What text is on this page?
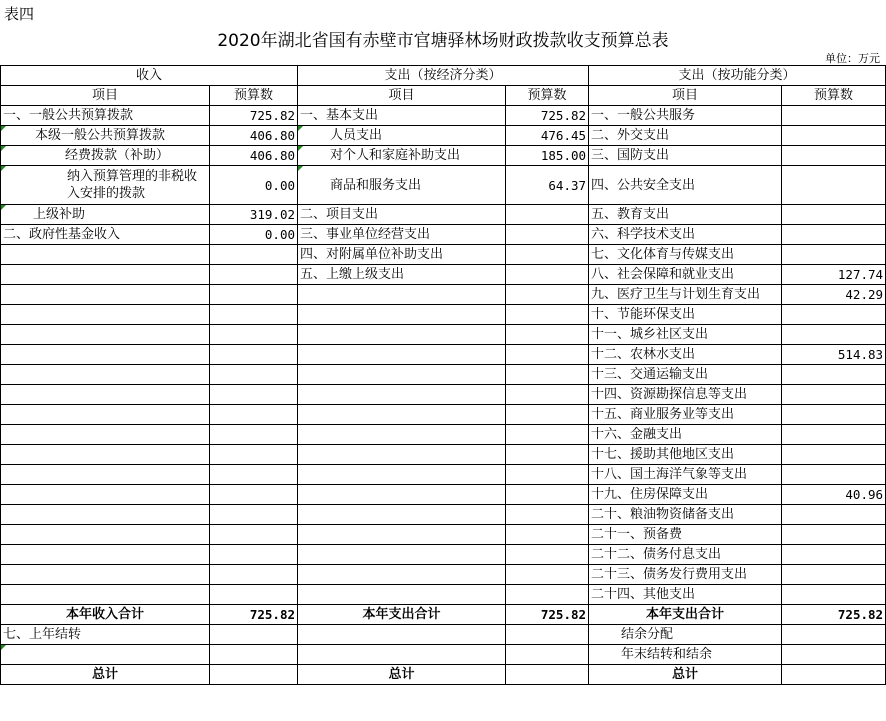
表四
2020年湖北省国有赤壁市官塘驿林场财政拨款收支预算总表
单位：万元
收入		支出（按经济分类）		支出（按功能分类）	
项目	预算数	项目	预算数	项目	预算数
一、一般公共预算拨款	725.82	一、基本支出	725.82	一、一般公共服务	
本级一般公共预算拨款	406.80	人员支出	476.45	二、外交支出	
经费拨款（补助）	406.80	对个人和家庭补助支出	185.00	三、国防支出	

纳入预算管理的非税收入安排的拨款	0.00	商品和服务支出	64.37	四、公共安全支出	
上级补助	319.02	二、项目支出		五、教育支出	
二、政府性基金收入	0.00	三、事业单位经营支出		六、科学技术支出	
		四、对附属单位补助支出		七、文化体育与传媒支出	
		五、上缴上级支出		八、社会保障和就业支出	127.74
				九、医疗卫生与计划生育支出	42.29
				十、节能环保支出	
				十一、城乡社区支出	
				十二、农林水支出	514.83
				十三、交通运输支出	
				十四、资源勘探信息等支出	
				十五、商业服务业等支出	
				十六、金融支出	
				十七、援助其他地区支出	
				十八、国土海洋气象等支出	
				十九、住房保障支出	40.96
				二十、粮油物资储备支出	
				二十一、预备费	
				二十二、债务付息支出	
				二十三、债务发行费用支出	
				二十四、其他支出	
本年收入合计	725.82	本年支出合计	725.82	本年支出合计	725.82
七、上年结转				结余分配	
				年末结转和结余	
总计		总计		总计	
